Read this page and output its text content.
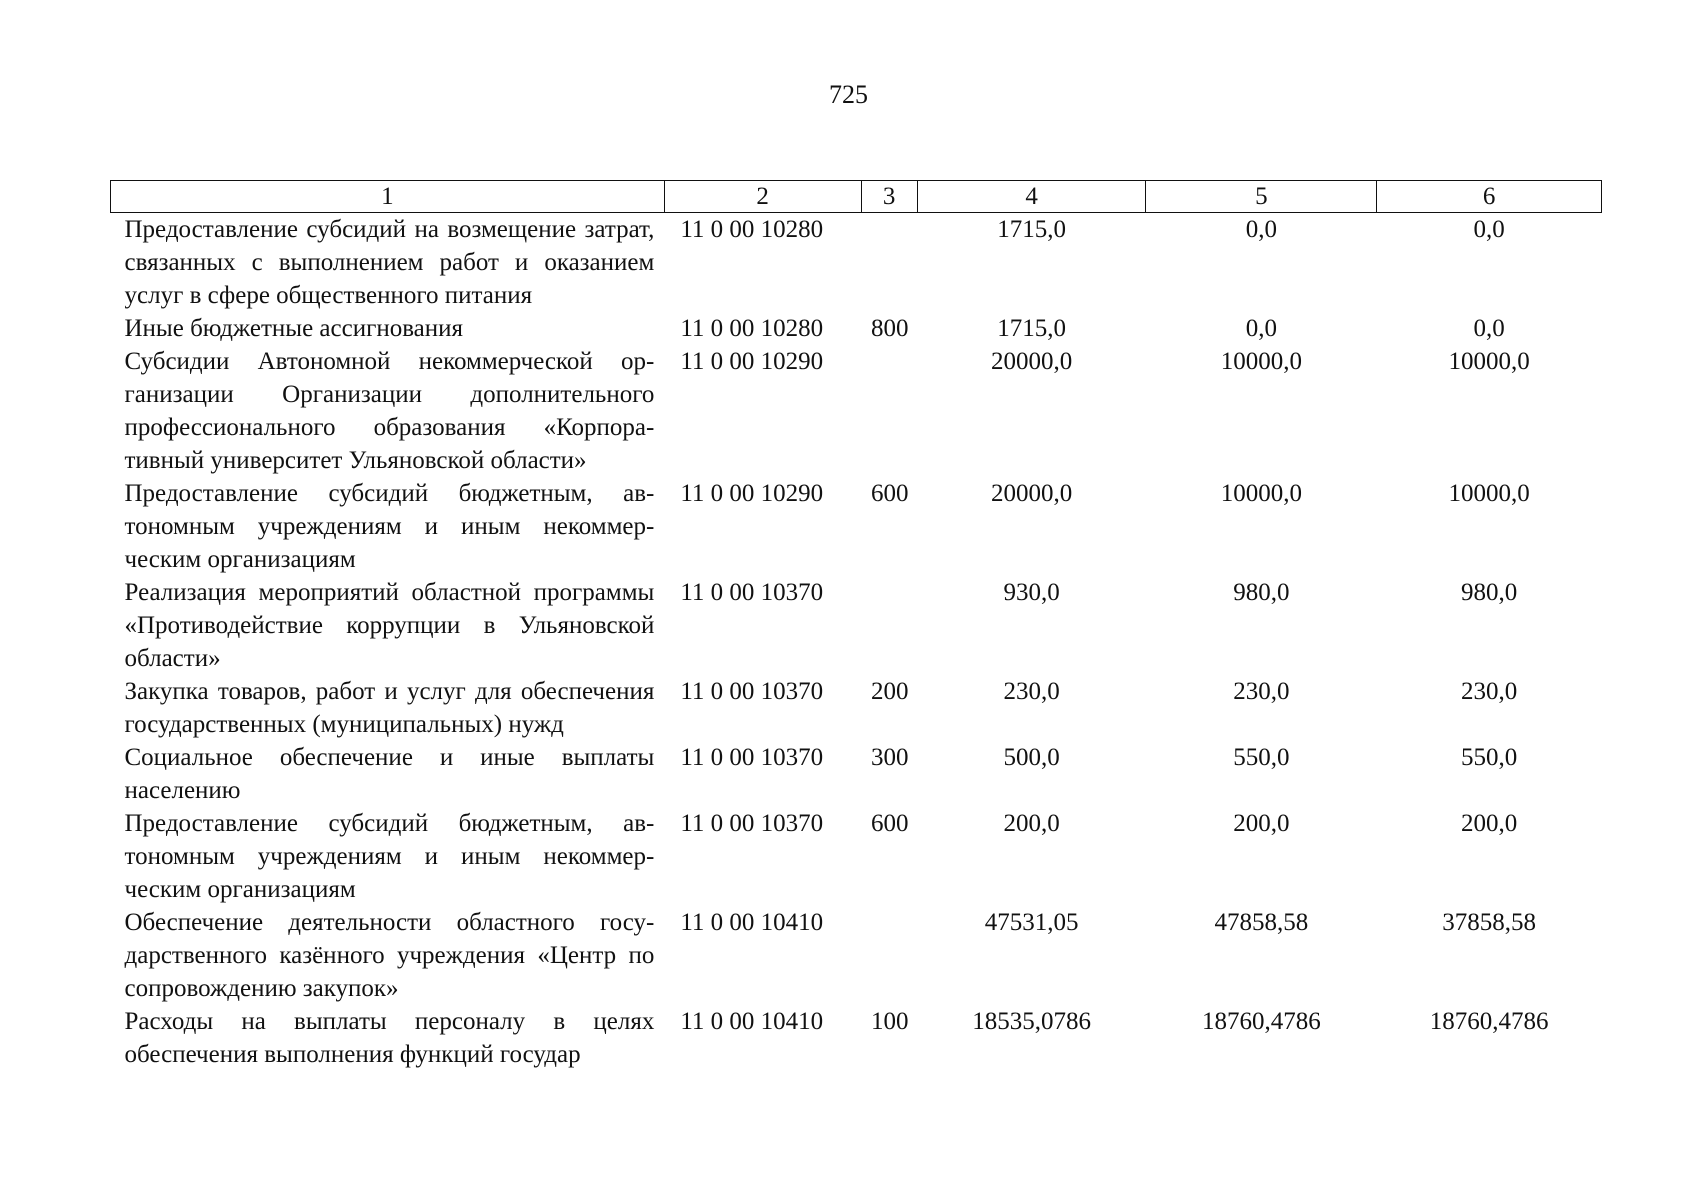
725
1	2	3	4	5	6
Предоставление субсидий на возмещение затрат, связанных с выполнением работ и оказанием услуг в сфере общественного питания	11 0 00 10280		1715,0	0,0	0,0
Иные бюджетные ассигнования	11 0 00 10280	800	1715,0	0,0	0,0
Субсидии Автономной некоммерческой организации Организации дополнительного профессионального образования «Корпоративный университет Ульяновской области»	11 0 00 10290		20000,0	10000,0	10000,0
Предоставление субсидий бюджетным, автономным учреждениям и иным некоммерческим организациям	11 0 00 10290	600	20000,0	10000,0	10000,0
Реализация мероприятий областной программы «Противодействие коррупции в Ульяновской области»	11 0 00 10370		930,0	980,0	980,0
Закупка товаров, работ и услуг для обеспечения государственных (муниципальных) нужд	11 0 00 10370	200	230,0	230,0	230,0
Социальное обеспечение и иные выплаты населению	11 0 00 10370	300	500,0	550,0	550,0
Предоставление субсидий бюджетным, автономным учреждениям и иным некоммерческим организациям	11 0 00 10370	600	200,0	200,0	200,0
Обеспечение деятельности областного государственного казённого учреждения «Центр по сопровождению закупок»	11 0 00 10410		47531,05	47858,58	37858,58
Расходы на выплаты персоналу в целях обеспечения выполнения функций государ	11 0 00 10410	100	18535,0786	18760,4786	18760,4786
